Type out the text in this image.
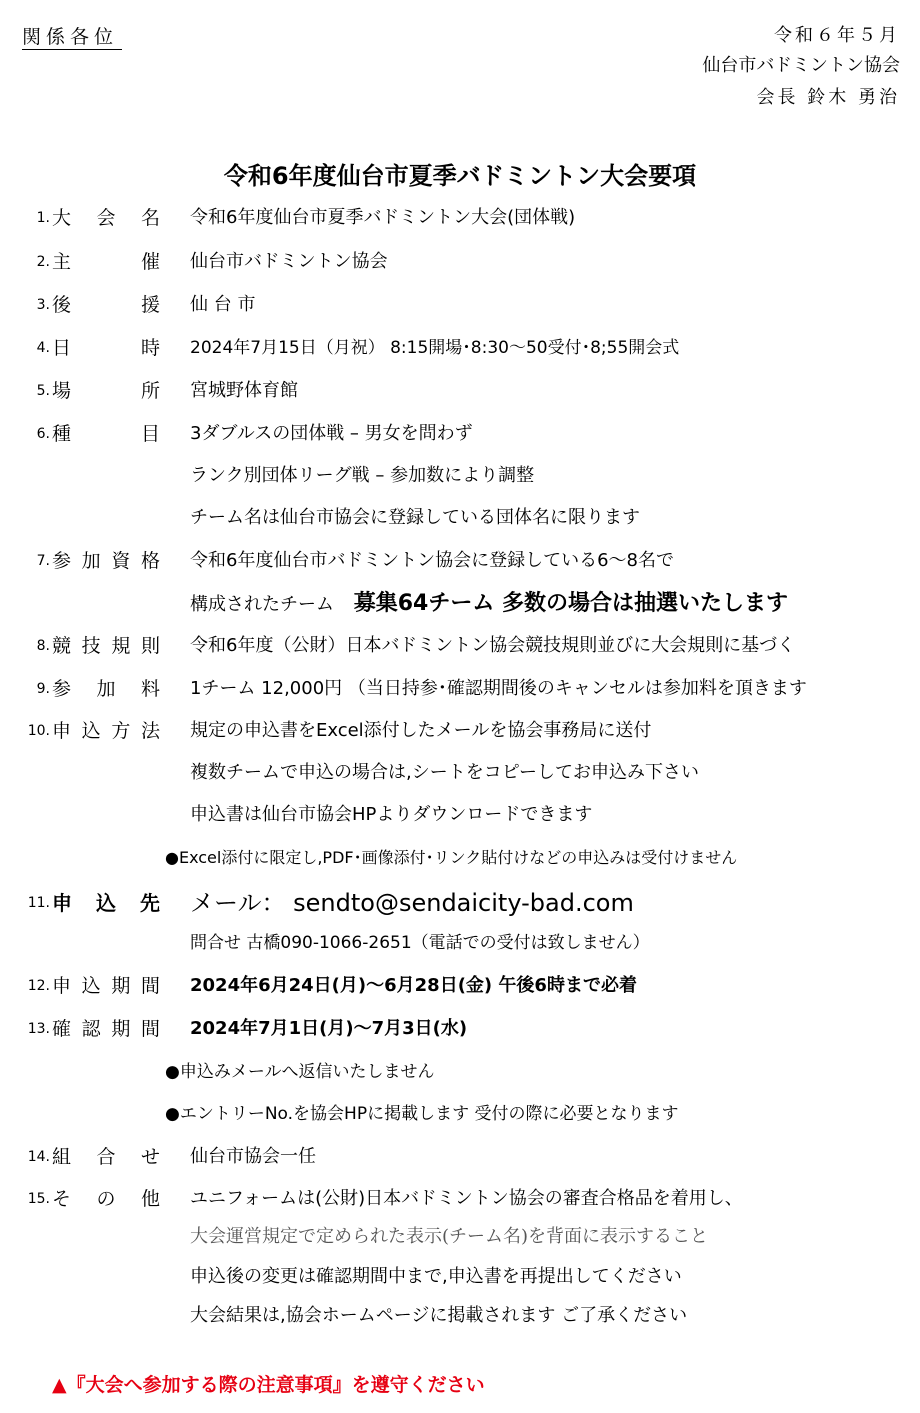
関係各位	令和６年５月
仙台市バドミントン協会
会長 鈴木 勇治
令和6年度仙台市夏季バドミントン大会要項
1. 大 会 名 令和6年度仙台市夏季バドミントン大会(団体戦)
2. 主	催 仙台市バドミントン協会
3. 後	援 仙 台 市
4. 日	時 2024年7月15日（月祝） 8:15開場･8:30～50受付･8;55開会式
5. 場	所 宮城野体育館
6. 種	目 3ダブルスの団体戦 – 男女を問わず
ランク別団体リーグ戦 – 参加数により調整
チーム名は仙台市協会に登録している団体名に限ります
7. 参 加 資 格 令和6年度仙台市バドミントン協会に登録している6～8名で
構成されたチーム 募集64チーム 多数の場合は抽選いたします
8. 競 技 規 則 令和6年度（公財）日本バドミントン協会競技規則並びに大会規則に基づく
9. 参 加 料 1チーム 12,000円 （当日持参･確認期間後のキャンセルは参加料を頂きます
10. 申 込 方 法 規定の申込書をExcel添付したメールを協会事務局に送付
複数チームで申込の場合は,シートをコピーしてお申込み下さい
申込書は仙台市協会HPよりダウンロードできます
●Excel添付に限定し,PDF･画像添付･リンク貼付けなどの申込みは受付けません
11. 申 込 先 メール： sendto@sendaicity-bad.com
問合せ 古橋090-1066-2651（電話での受付は致しません）
12. 申 込 期 間 2024年6月24日(月)～6月28日(金) 午後6時まで必着
13. 確 認 期 間 2024年7月1日(月)～7月3日(水)
●申込みメールへ返信いたしません
●エントリーNo.を協会HPに掲載します 受付の際に必要となります
14. 組 合 せ 仙台市協会一任
15. そ の 他 ユニフォームは(公財)日本バドミントン協会の審査合格品を着用し、
大会運営規定で定められた表示(チーム名)を背面に表示すること
申込後の変更は確認期間中まで,申込書を再提出してください
大会結果は,協会ホームページに掲載されます ご了承ください
▲『大会へ参加する際の注意事項』を遵守ください
